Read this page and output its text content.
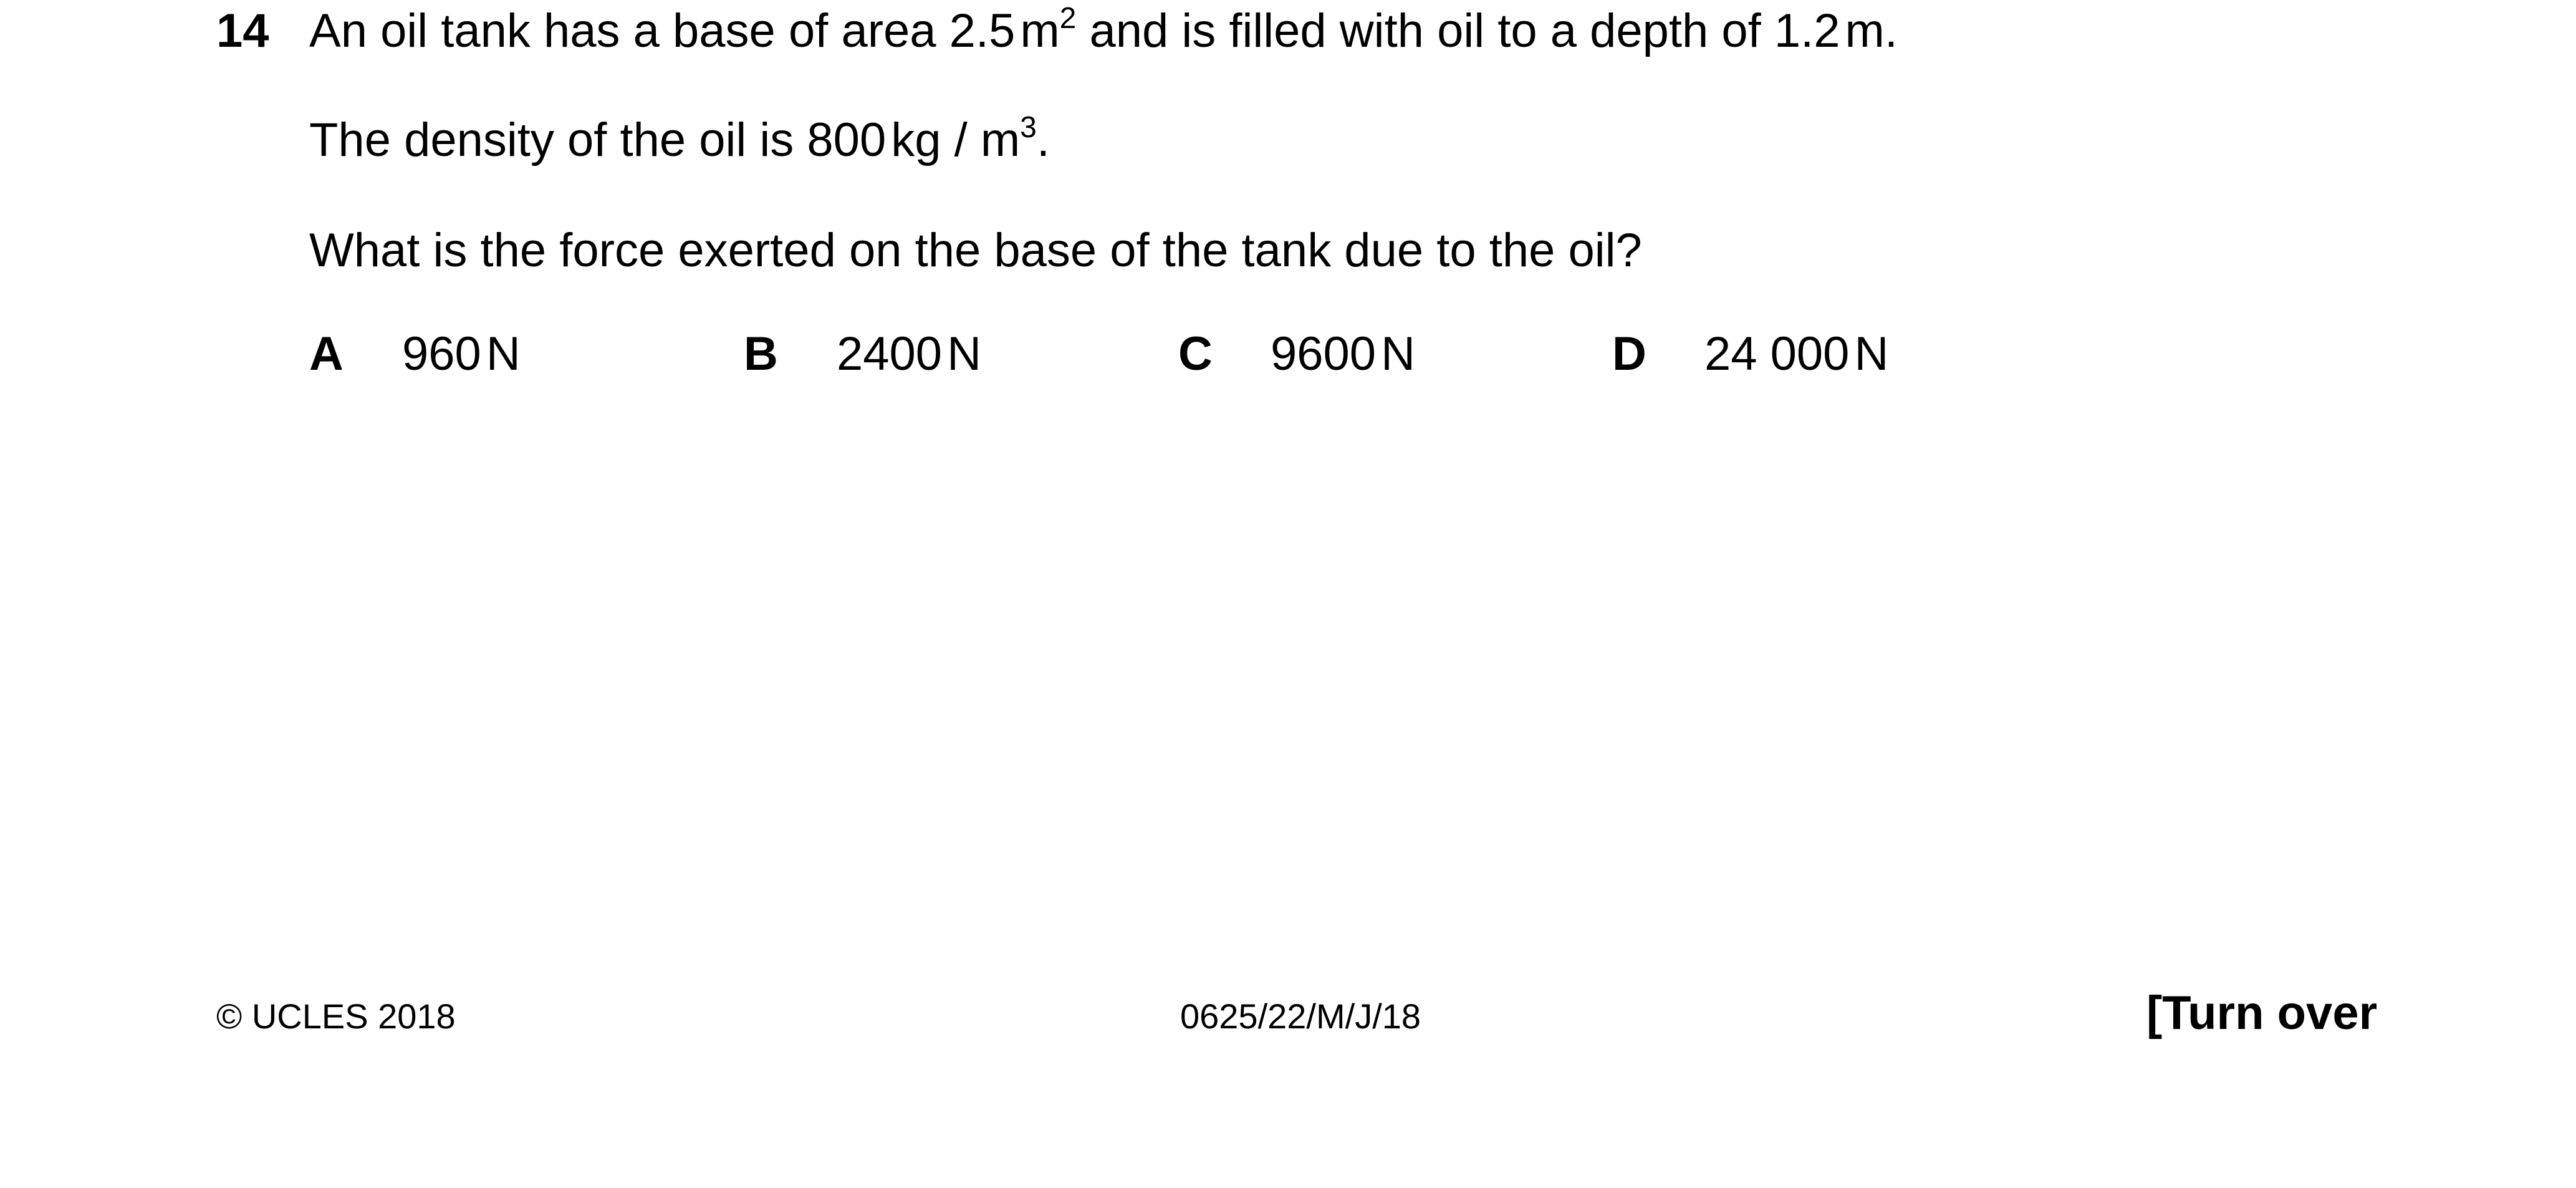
14 An oil tank has a base of area 2.5 $m^2$ and is filled with oil to a depth of 1.2 m.
The density of the oil is 800 kg / $m^3$.
What is the force exerted on the base of the tank due to the oil?
A 960 N	B 2400 N	C 9600 N	D 24 000 N
© UCLES 2018	0625/22/M/J/18	[Turn over
